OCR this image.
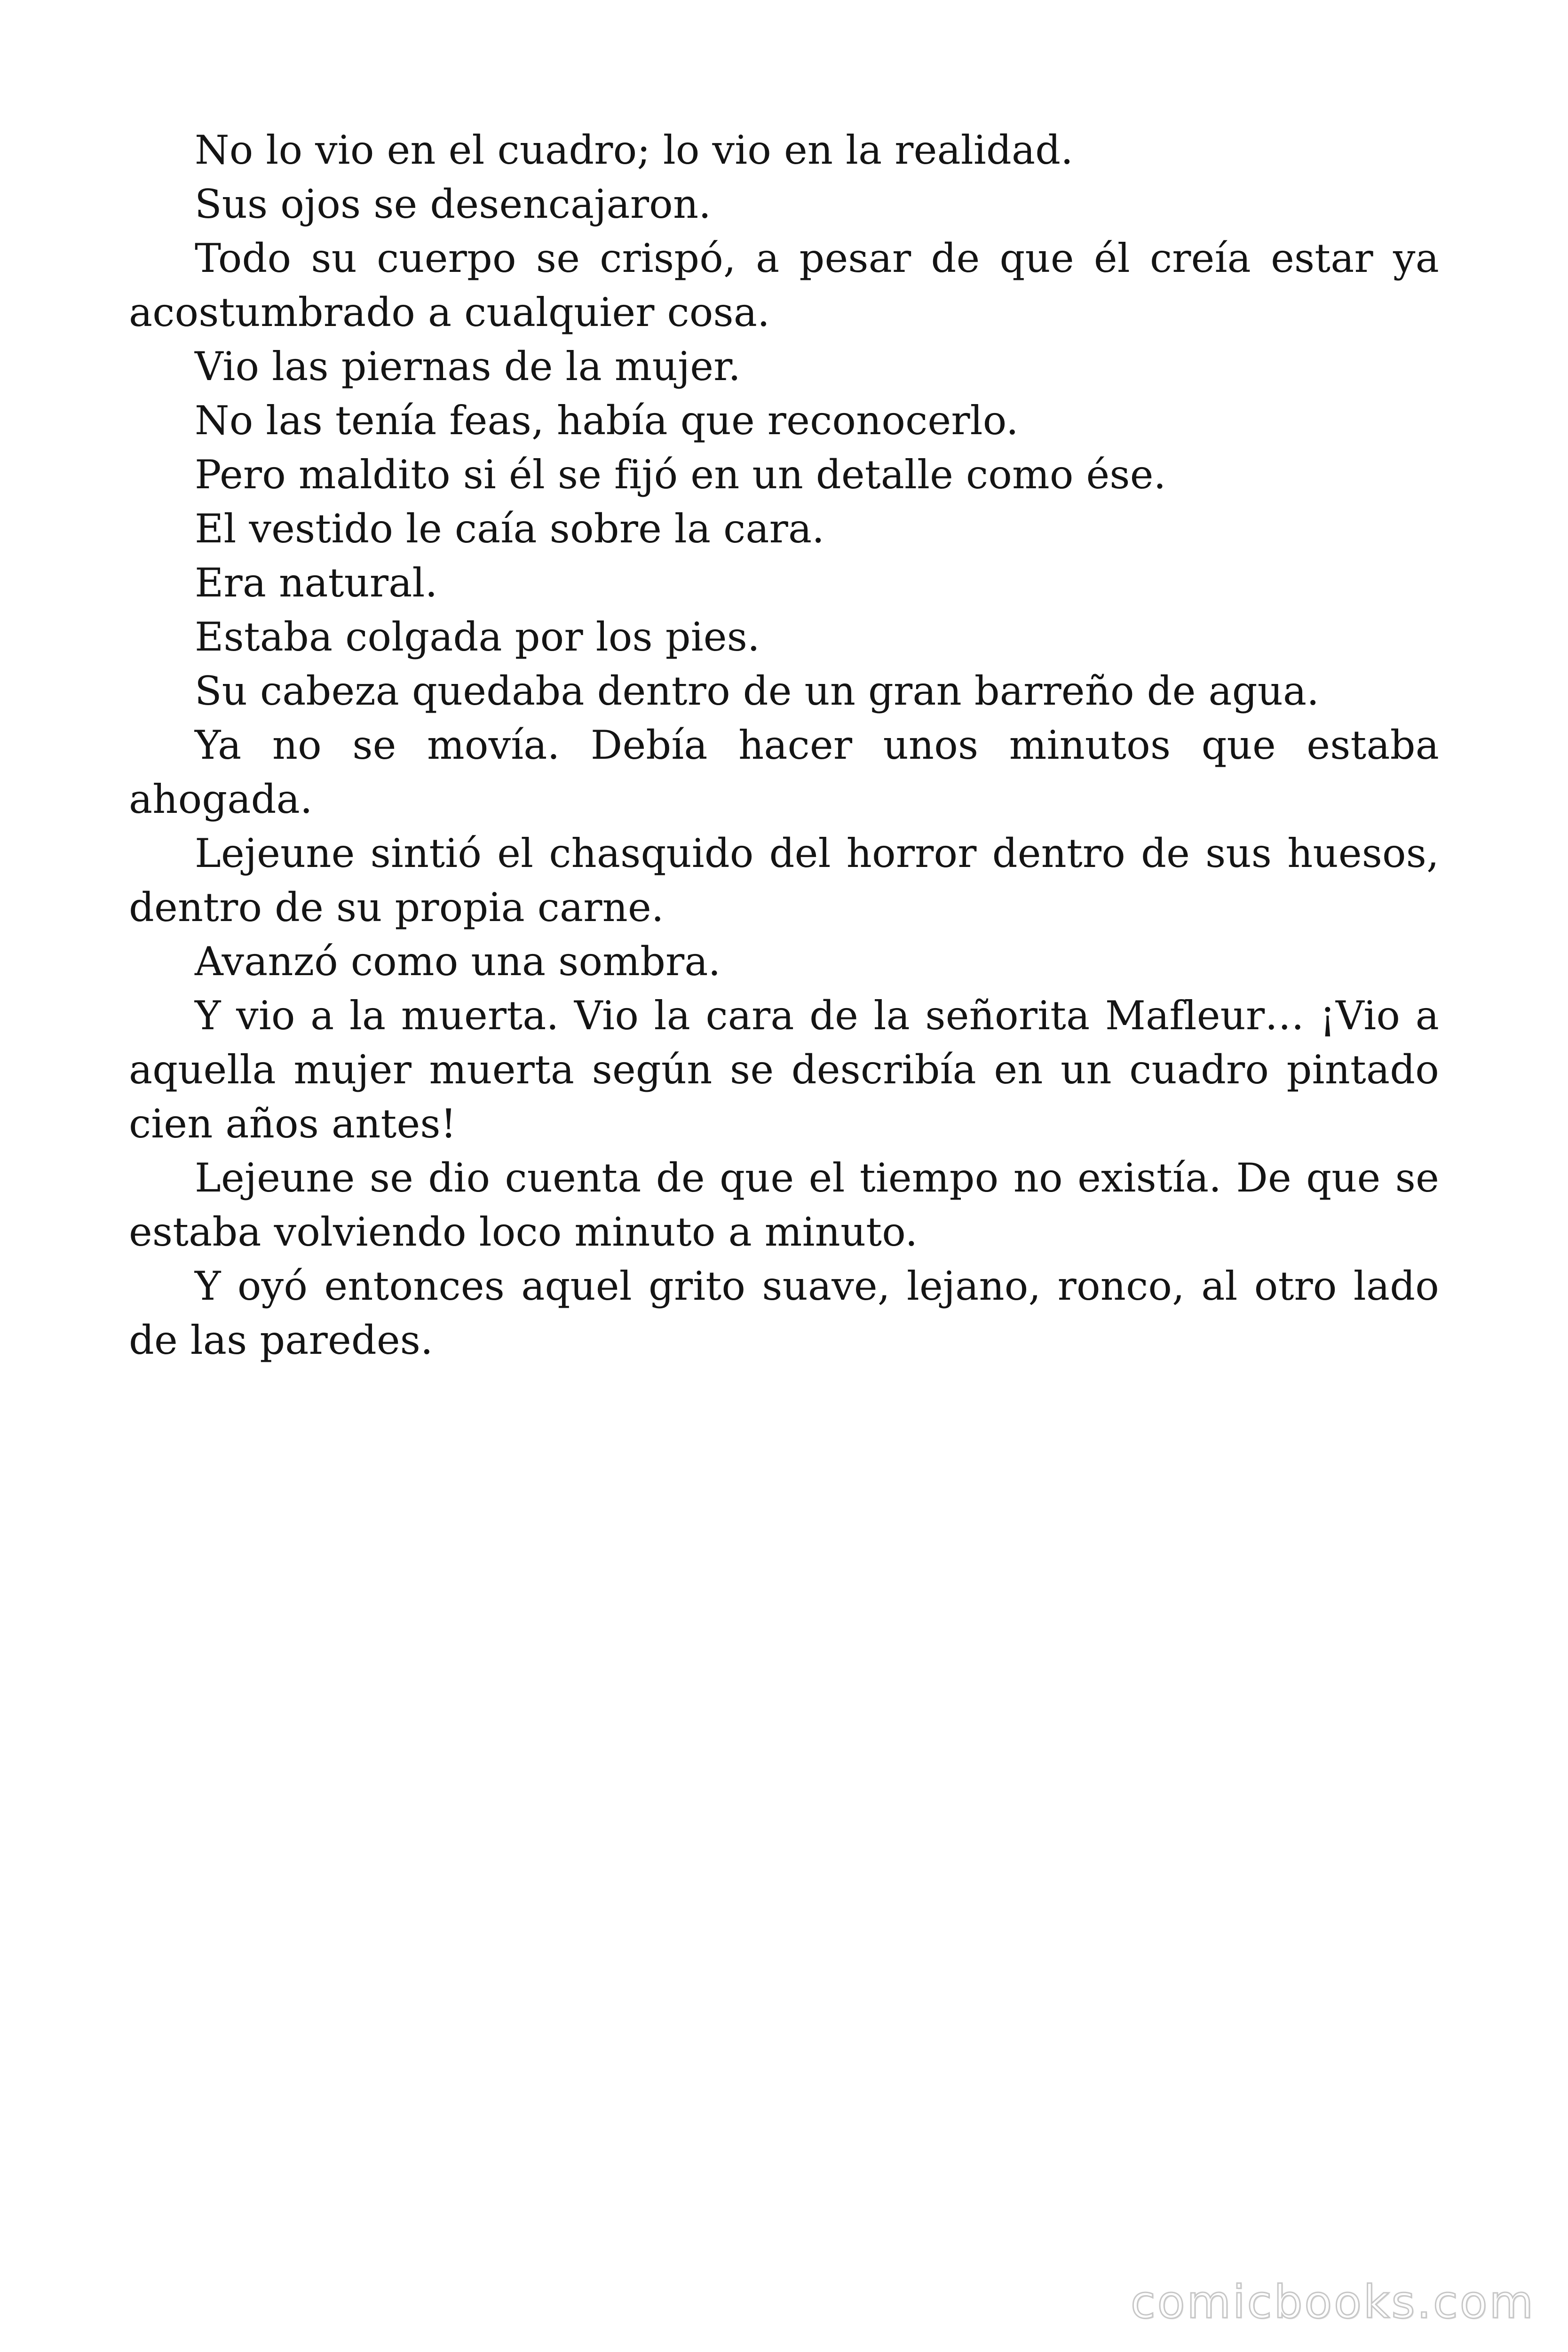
No lo vio en el cuadro; lo vio en la realidad.

Sus ojos se desencajaron.

Todo su cuerpo se crispó, a pesar de que él creía estar ya acostumbrado a cualquier cosa.

Vio las piernas de la mujer.

No las tenía feas, había que reconocerlo.

Pero maldito si él se fijó en un detalle como ése.

El vestido le caía sobre la cara.

Era natural.

Estaba colgada por los pies.

Su cabeza quedaba dentro de un gran barreño de agua.

Ya no se movía. Debía hacer unos minutos que estaba ahogada.

Lejeune sintió el chasquido del horror dentro de sus huesos, dentro de su propia carne.

Avanzó como una sombra.

Y vio a la muerta. Vio la cara de la señorita Mafleur… ¡Vio a aquella mujer muerta según se describía en un cuadro pintado cien años antes!

Lejeune se dio cuenta de que el tiempo no existía. De que se estaba volviendo loco minuto a minuto.

Y oyó entonces aquel grito suave, lejano, ronco, al otro lado de las paredes.

comicbooks.com
